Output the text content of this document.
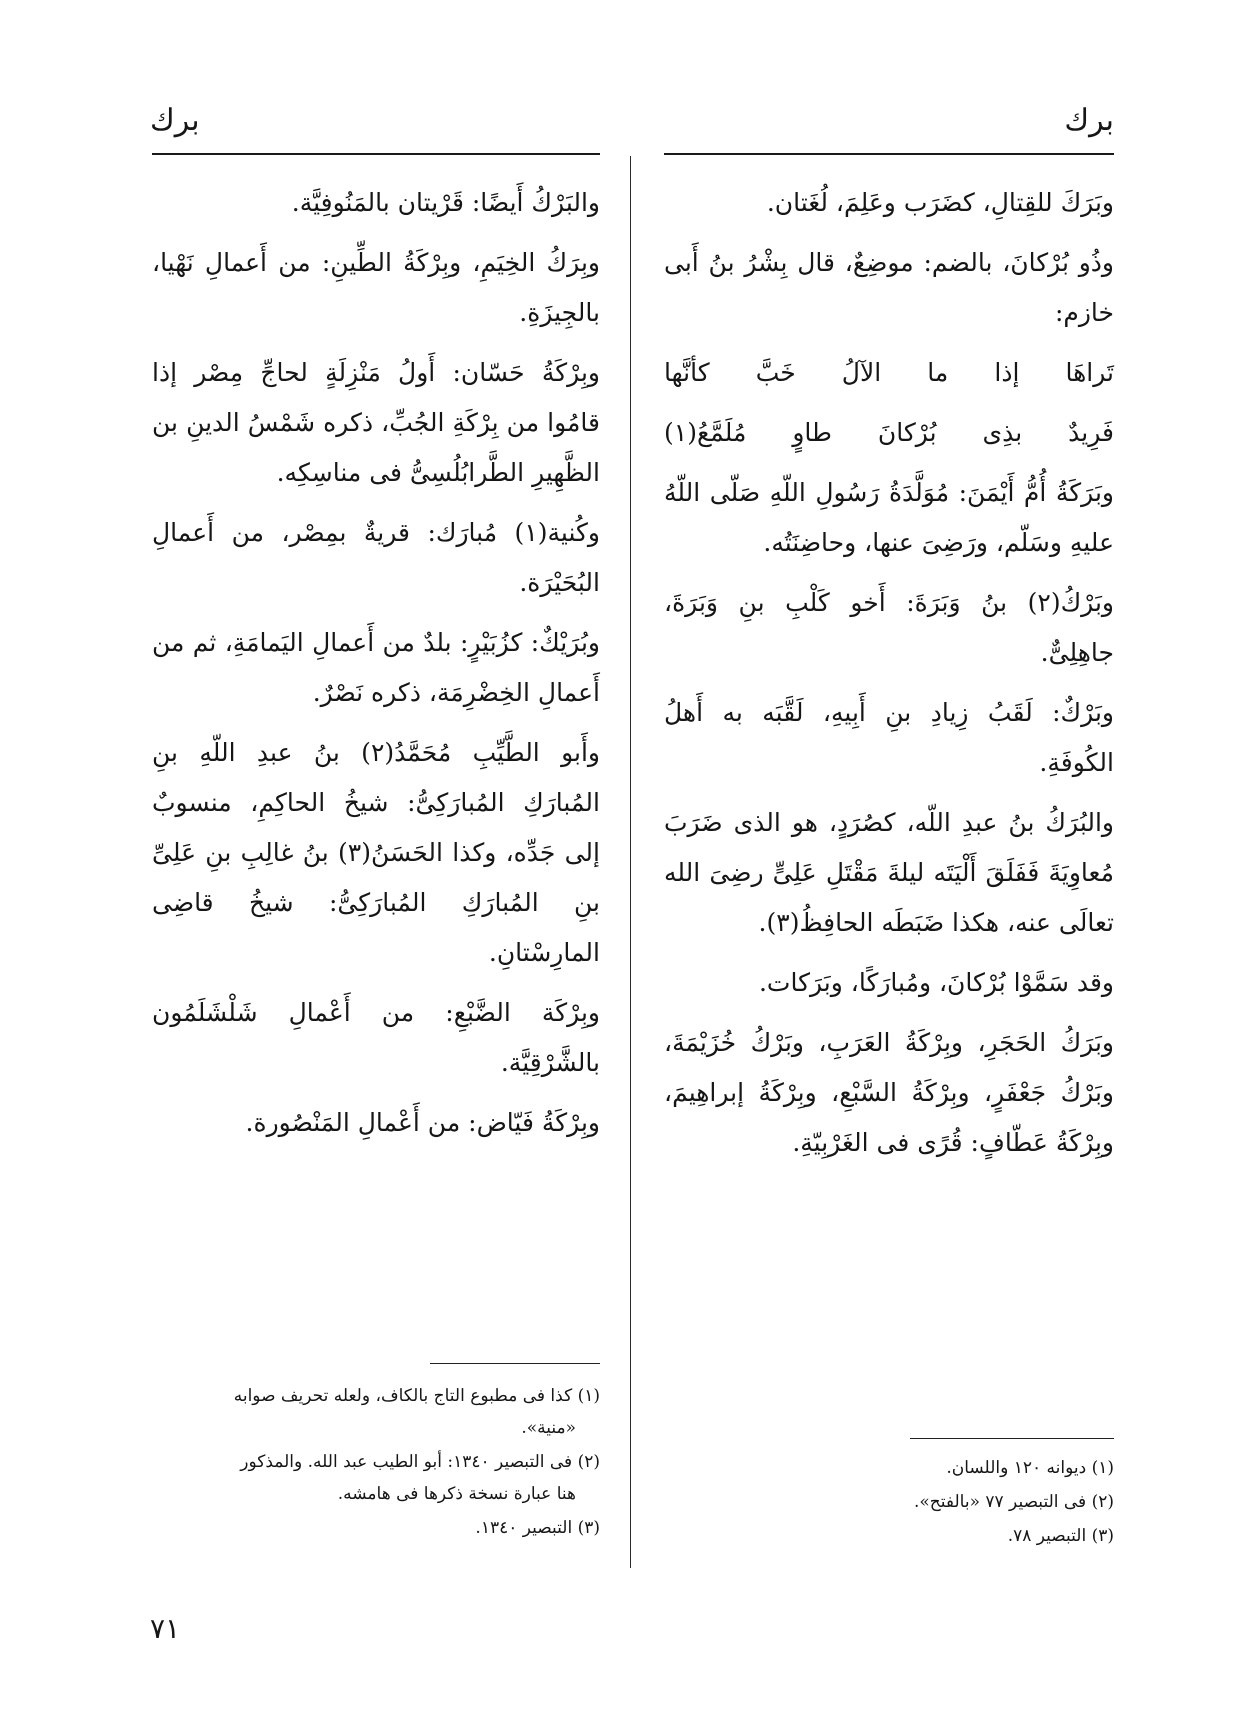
برك
برك

وبَرَكَ للقِتالِ، كضَرَب وعَلِمَ، لُغَتان.

وذُو بُرْكانَ، بالضم: موضِعٌ، قال بِشْرُ بنُ أَبى خازم:

تَراهَا إذا ما الآلُ خَبَّ كأنَّها

فَرِيدٌ بذِى بُرْكانَ طاوٍ مُلَمَّعُ(١)

وبَرَكَةُ أُمُّ أَيْمَنَ: مُوَلَّدَةُ رَسُولِ اللّهِ صَلّى اللّهُ عليهِ وسَلّم، ورَضِىَ عنها، وحاضِنَتُه.

وبَرْكُ(٢) بنُ وَبَرَةَ: أَخو كَلْبِ بنِ وَبَرَةَ، جاهِلِىٌّ.

وبَرْكٌ: لَقَبُ زِيادِ بنِ أَبِيهِ، لَقَّبَه به أَهلُ الكُوفَةِ.

والبُرَكُ بنُ عبدِ اللّه، كصُرَدٍ، هو الذى ضَرَبَ مُعاوِيَةَ فَفَلَقَ أَلْيَتَه ليلةَ مَقْتَلِ عَلِىٍّ رضِىَ الله تعالَى عنه، هكذا ضَبَطَه الحافِظُ(٣).

وقد سَمَّوْا بُرْكانَ، ومُبارَكًا، وبَرَكات.

وبَرَكُ الحَجَرِ، وبِرْكَةُ العَرَبِ، وبَرْكُ خُزَيْمَةَ، وبَرْكُ جَعْفَرٍ، وبِرْكَةُ السَّبْعِ، وبِرْكَةُ إبراهِيمَ، وبِرْكَةُ عَطّافٍ: قُرًى فى الغَرْبِيّةِ.

والبَرْكُ أَيضًا: قَرْيتان بالمَنُوفِيَّة.

وبِرَكُ الخِيَمِ، وبِرْكَةُ الطِّينِ: من أَعمالِ نَهْيا، بالجِيزَةِ.

وبِرْكَةُ حَسّان: أَولُ مَنْزِلَةٍ لحاجِّ مِصْر إذا قامُوا من بِرْكَةِ الجُبِّ، ذكره شَمْسُ الدينِ بن الظَّهِيرِ الطَّرابُلُسِىُّ فى مناسِكِه.

وكُنية(١) مُبارَك: قريةٌ بمِصْر، من أَعمالِ البُحَيْرَة.

وبُرَيْكٌ: كزُبَيْرٍ: بلدٌ من أَعمالِ اليَمامَةِ، ثم من أَعمالِ الخِضْرِمَة، ذكره نَصْرٌ.

وأَبو الطَّيِّبِ مُحَمَّدُ(٢) بنُ عبدِ اللّهِ بنِ المُبارَكِ المُبارَكِىُّ: شيخُ الحاكِمِ، منسوبٌ إلى جَدِّه، وكذا الحَسَنُ(٣) بنُ غالِبِ بنِ عَلِىِّ بنِ المُبارَكِ المُبارَكِىُّ: شيخُ قاضِى المارِسْتانِ.

وبِرْكَة الضَّبْعِ: من أَعْمالِ شَلْشَلَمُون بالشَّرْقِيَّة.

وبِرْكَةُ فَيّاض: من أَعْمالِ المَنْصُورة.

(١) كذا فى مطبوع التاج بالكاف، ولعله تحريف صوابه
«منية».

(٢) فى التبصير ١٣٤٠: أبو الطيب عبد الله. والمذكور
هنا عبارة نسخة ذكرها فى هامشه.

(٣) التبصير ١٣٤٠.

(١) ديوانه ١٢٠ واللسان.

(٢) فى التبصير ٧٧ «بالفتح».

(٣) التبصير ٧٨.

٧١
